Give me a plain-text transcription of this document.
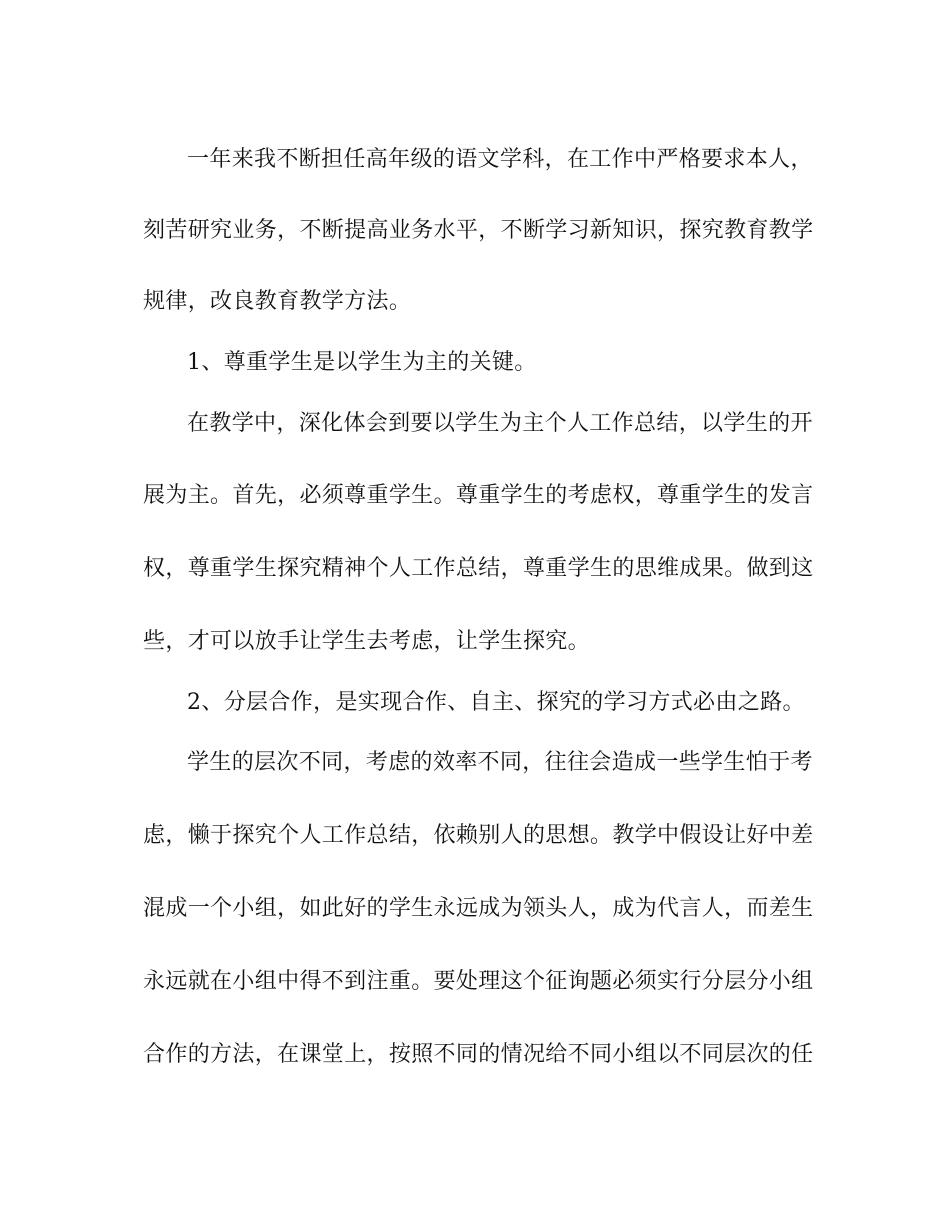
一年来我不断担任高年级的语文学科，在工作中严格要求本人，
刻苦研究业务，不断提高业务水平，不断学习新知识，探究教育教学
规律，改良教育教学方法。
1、尊重学生是以学生为主的关键。
在教学中，深化体会到要以学生为主个人工作总结，以学生的开
展为主。首先，必须尊重学生。尊重学生的考虑权，尊重学生的发言
权，尊重学生探究精神个人工作总结，尊重学生的思维成果。做到这
些，才可以放手让学生去考虑，让学生探究。
2、分层合作，是实现合作、自主、探究的学习方式必由之路。
学生的层次不同，考虑的效率不同，往往会造成一些学生怕于考
虑，懒于探究个人工作总结，依赖别人的思想。教学中假设让好中差
混成一个小组，如此好的学生永远成为领头人，成为代言人，而差生
永远就在小组中得不到注重。要处理这个征询题必须实行分层分小组
合作的方法，在课堂上，按照不同的情况给不同小组以不同层次的任
